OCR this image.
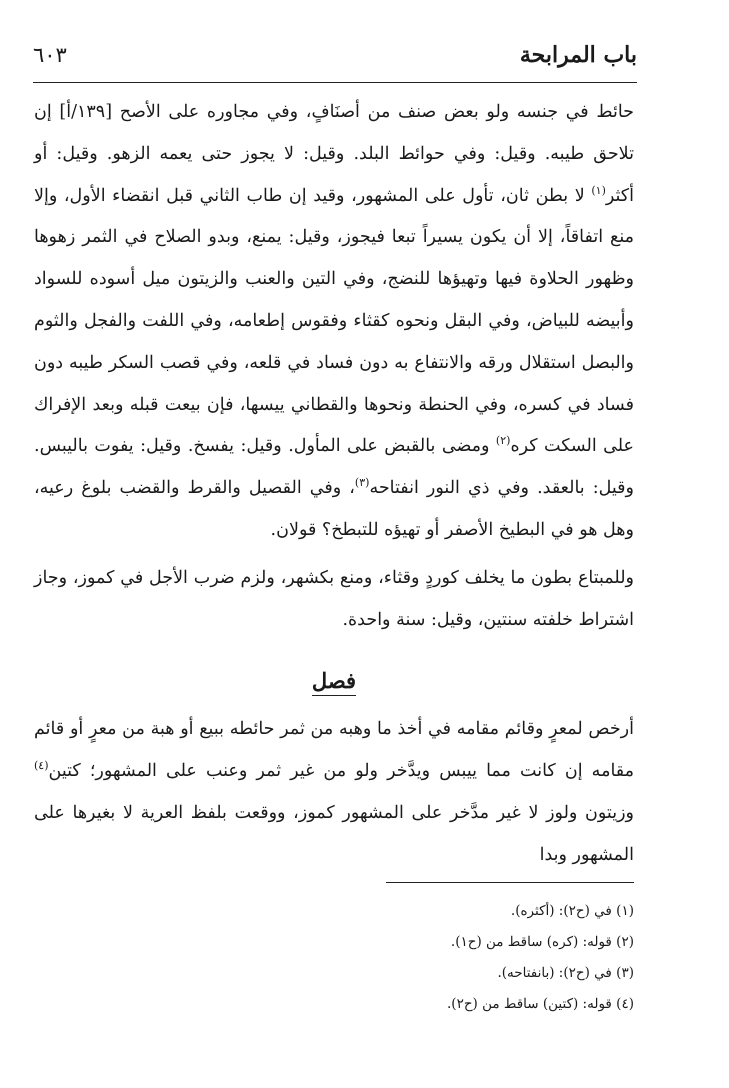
باب المرابحة
٦٠٣

حائط في جنسه ولو بعض صنف من أصنَافٍ، وفي مجاوره على الأصح [١٣٩/أ] إن تلاحق طيبه. وقيل: وفي حوائط البلد. وقيل: لا يجوز حتى يعمه الزهو. وقيل: أو أكثر$^{(١)}$ لا بطن ثان، تأول على المشهور، وقيد إن طاب الثاني قبل انقضاء الأول، وإلا منع اتفاقاً، إلا أن يكون يسيراً تبعا فيجوز، وقيل: يمنع، وبدو الصلاح في الثمر زهوها وظهور الحلاوة فيها وتهيؤها للنضج، وفي التين والعنب والزيتون ميل أسوده للسواد وأبيضه للبياض، وفي البقل ونحوه كقثاء وفقوس إطعامه، وفي اللفت والفجل والثوم والبصل استقلال ورقه والانتفاع به دون فساد في قلعه، وفي قصب السكر طيبه دون فساد في كسره، وفي الحنطة ونحوها والقطاني ييسها، فإن بيعت قبله وبعد الإفراك على السكت كره$^{(٢)}$ ومضى بالقبض على المأول. وقيل: يفسخ. وقيل: يفوت باليبس. وقيل: بالعقد. وفي ذي النور انفتاحه$^{(٣)}$، وفي القصيل والقرط والقضب بلوغ رعيه، وهل هو في البطيخ الأصفر أو تهيؤه للتبطخ؟ قولان.

وللمبتاع بطون ما يخلف كوردٍ وقثاء، ومنع بكشهر، ولزم ضرب الأجل في كموز، وجاز اشتراط خلفته سنتين، وقيل: سنة واحدة.

فصل

أرخص لمعرٍ وقائم مقامه في أخذ ما وهبه من ثمر حائطه ببيع أو هبة من معرٍ أو قائم مقامه إن كانت مما ييبس ويدَّخر ولو من غير ثمر وعنب على المشهور؛ كتين$^{(٤)}$ وزيتون ولوز لا غير مدَّخر على المشهور كموز، ووقعت بلفظ العرية لا بغيرها على المشهور وبدا

(١) في (ح٢): (أكثره).
(٢) قوله: (كره) ساقط من (ح١).
(٣) في (ح٢): (بانفتاحه).
(٤) قوله: (كتين) ساقط من (ح٢).
